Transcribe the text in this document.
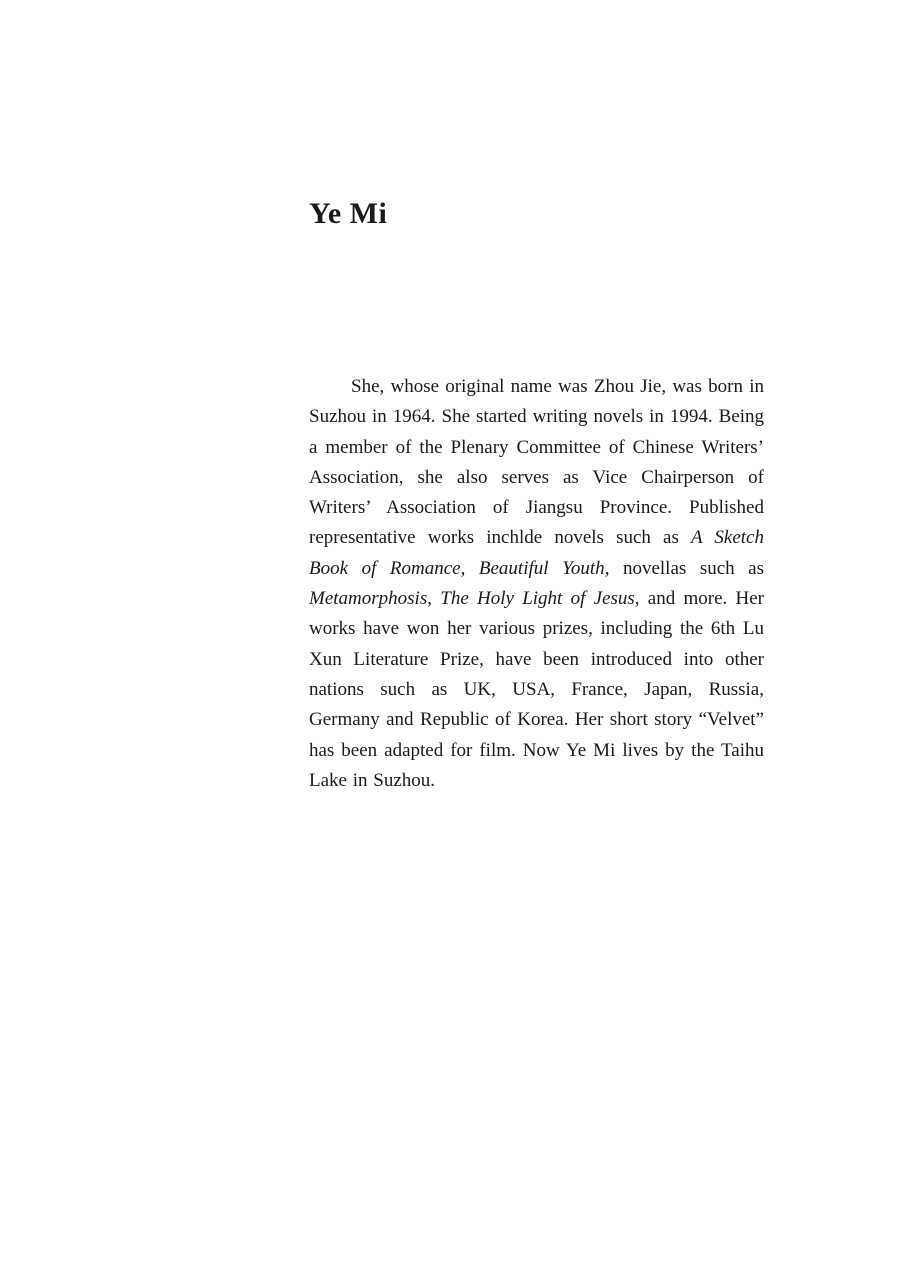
Ye Mi

She, whose original name was Zhou Jie, was born in Suzhou in 1964. She started writing novels in 1994. Being a member of the Plenary Committee of Chinese Writers’ Association, she also serves as Vice Chairperson of Writers’ Association of Jiangsu Province. Published representative works inchlde novels such as A Sketch Book of Romance, Beautiful Youth, novellas such as Metamorphosis, The Holy Light of Jesus, and more. Her works have won her various prizes, including the 6th Lu Xun Literature Prize, have been introduced into other nations such as UK, USA, France, Japan, Russia, Germany and Republic of Korea. Her short story “Velvet” has been adapted for film. Now Ye Mi lives by the Taihu Lake in Suzhou.
